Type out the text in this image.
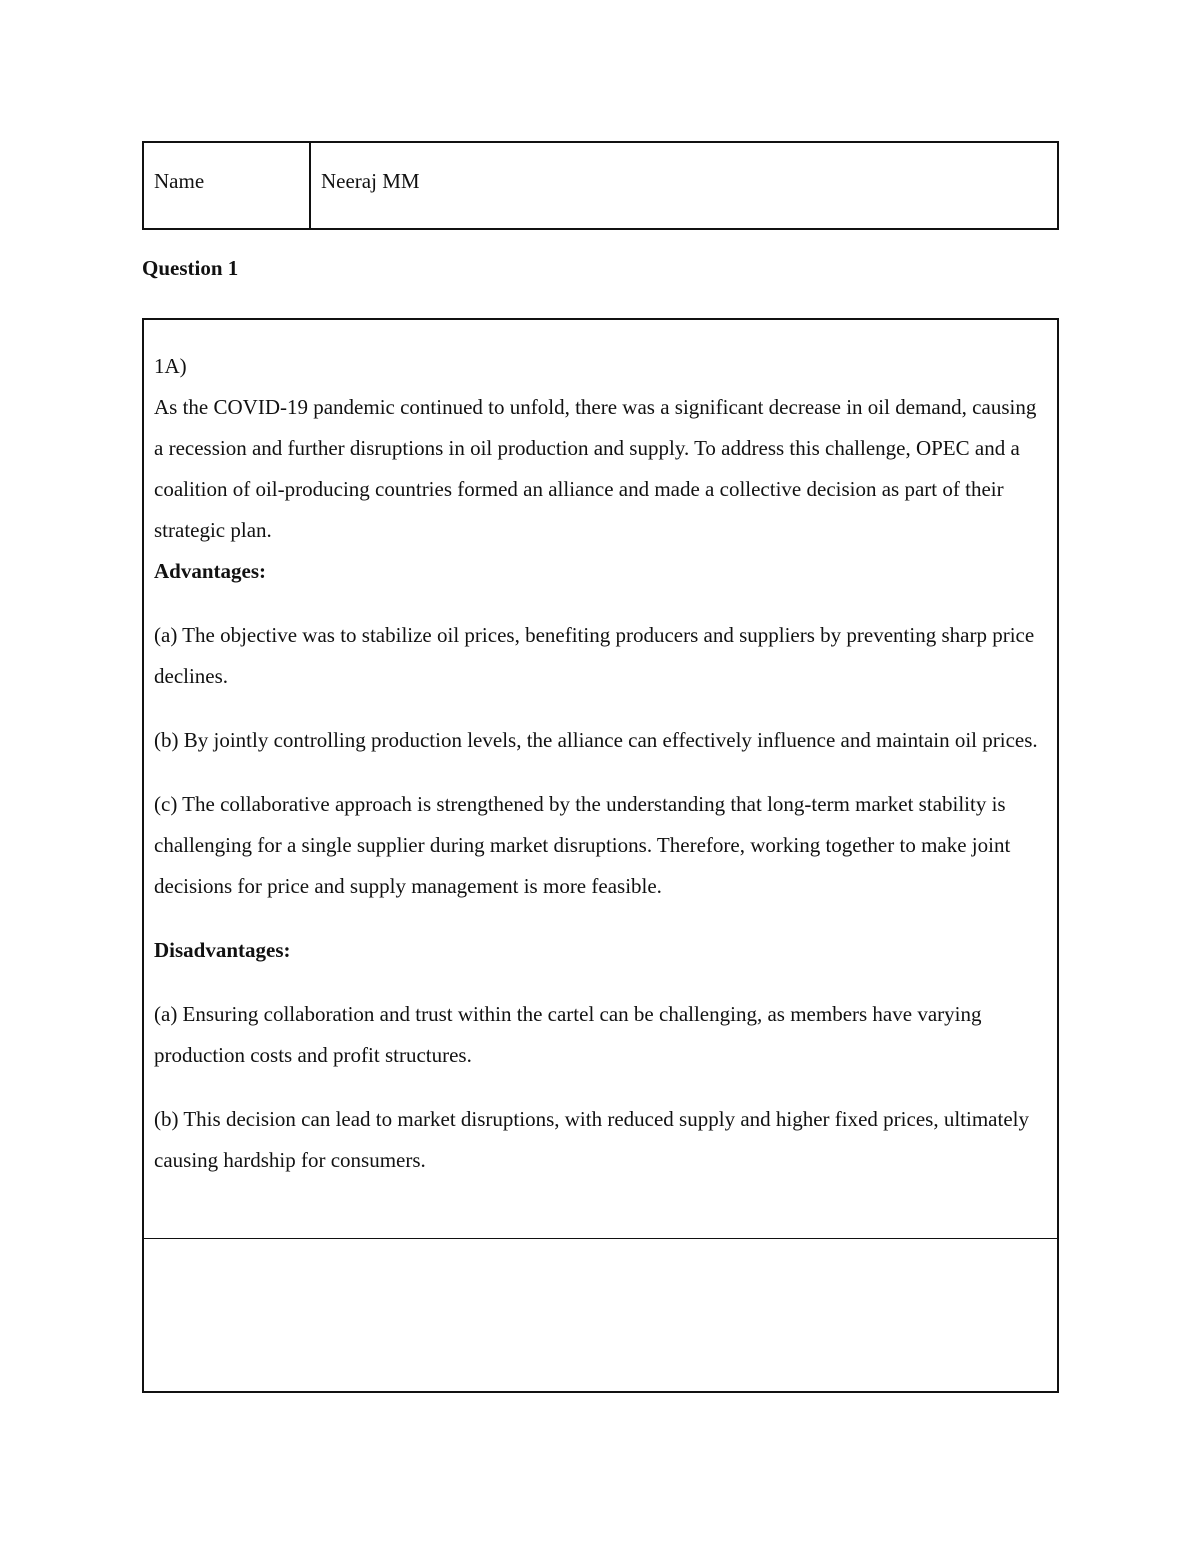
Name	Neeraj MM
Question 1

1A)

As the COVID-19 pandemic continued to unfold, there was a significant decrease in oil demand, causing a recession and further disruptions in oil production and supply. To address this challenge, OPEC and a coalition of oil-producing countries formed an alliance and made a collective decision as part of their strategic plan.

Advantages:

(a) The objective was to stabilize oil prices, benefiting producers and suppliers by preventing sharp price declines.

(b) By jointly controlling production levels, the alliance can effectively influence and maintain oil prices.

(c) The collaborative approach is strengthened by the understanding that long-term market stability is challenging for a single supplier during market disruptions. Therefore, working together to make joint decisions for price and supply management is more feasible.

Disadvantages:

(a) Ensuring collaboration and trust within the cartel can be challenging, as members have varying production costs and profit structures.

(b) This decision can lead to market disruptions, with reduced supply and higher fixed prices, ultimately causing hardship for consumers.
